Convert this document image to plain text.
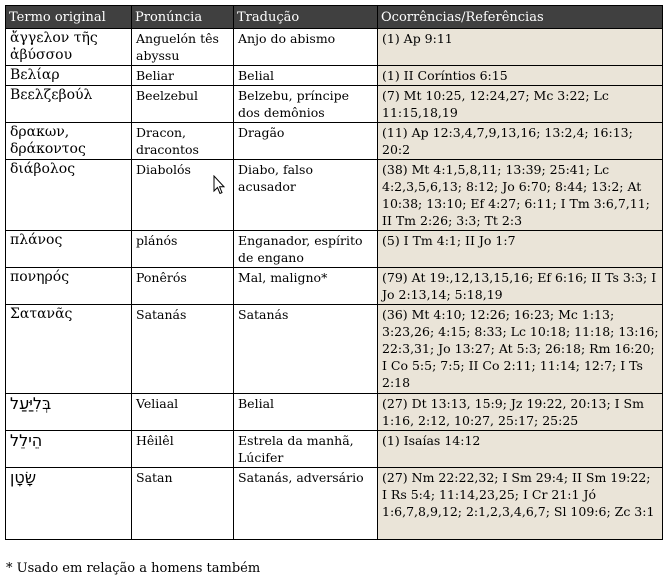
Termo original	Pronúncia	Tradução	Ocorrências/Referências
ἄγγελον τῆς ἀβύσσου	Anguelón tês abyssu	Anjo do abismo	(1) Ap 9:11
Βελίαρ	Beliar	Belial	(1) II Coríntios 6:15
Βεελζεβούλ	Beelzebul	Belzebu, príncipe dos demônios	(7) Mt 10:25, 12:24,27; Mc 3:22; Lc 11:15,18,19
δρακων, δράκοντος	Dracon, dracontos	Dragão	(11) Ap 12:3,4,7,9,13,16; 13:2,4; 16:13; 20:2
διάβολος	Diabolós	Diabo, falso acusador	(38) Mt 4:1,5,8,11; 13:39; 25:41; Lc 4:2,3,5,6,13; 8:12; Jo 6:70; 8:44; 13:2; At 10:38; 13:10; Ef 4:27; 6:11; I Tm 3:6,7,11; II Tm 2:26; 3:3; Tt 2:3
πλάνος	plánós	Enganador, espírito de engano	(5) I Tm 4:1; II Jo 1:7
πονηρός	Ponêrós	Mal, maligno*	(79) At 19:,12,13,15,16; Ef 6:16; II Ts 3:3; I Jo 2:13,14; 5:18,19
Σατανᾶς	Satanás	Satanás	(36) Mt 4:10; 12:26; 16:23; Mc 1:13; 3:23,26; 4:15; 8:33; Lc 10:18; 11:18; 13:16; 22:3,31; Jo 13:27; At 5:3; 26:18; Rm 16:20; I Co 5:5; 7:5; II Co 2:11; 11:14; 12:7; I Ts 2:18
בְּלִיַּעַל	Veliaal	Belial	(27) Dt 13:13, 15:9; Jz 19:22, 20:13; I Sm 1:16, 2:12, 10:27, 25:17; 25:25
הֵילֵל	Hêilêl	Estrela da manhã, Lúcifer	(1) Isaías 14:12
שָׂטָן	Satan	Satanás, adversário	(27) Nm 22:22,32; I Sm 29:4; II Sm 19:22; I Rs 5:4; 11:14,23,25; I Cr 21:1 Jó 1:6,7,8,9,12; 2:1,2,3,4,6,7; Sl 109:6; Zc 3:1
* Usado em relação a homens também
